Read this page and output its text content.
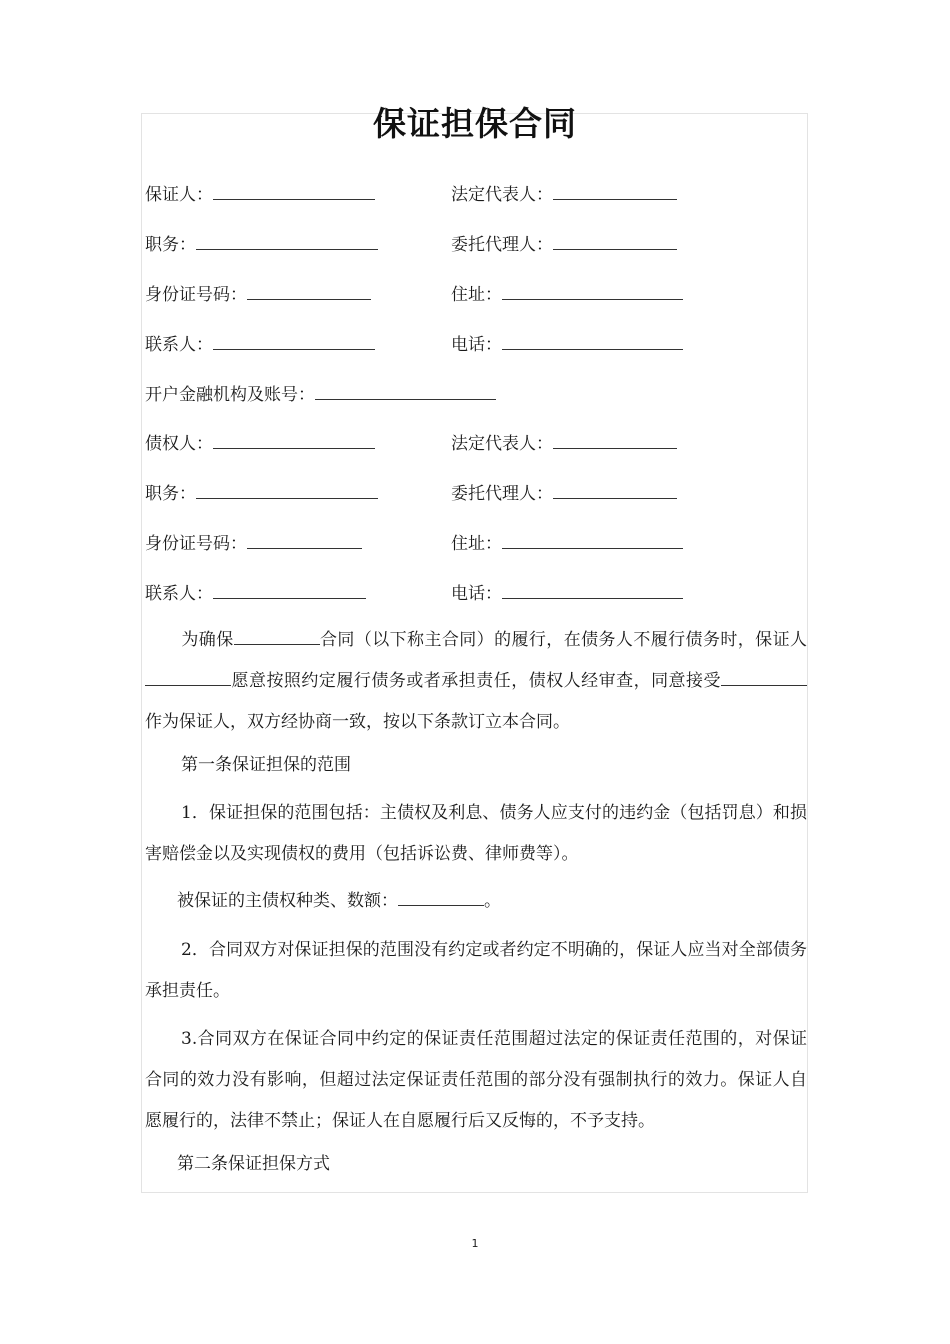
保证担保合同
保证人：	法定代表人：
职务：	委托代理人：
身份证号码：	住址：
联系人：	电话：
开户金融机构及账号：
债权人：	法定代表人：
职务：	委托代理人：
身份证号码：	住址：
联系人：	电话：
为确保	合同（以下称主合同）的履行，在债务人不履行债务时，保证人愿意按照约定履行债务或者承担责任，债权人经审查，同意接受作为保证人，双方经协商一致，按以下条款订立本合同。
第一条保证担保的范围
1．保证担保的范围包括：主债权及利息、债务人应支付的违约金（包括罚息）和损害赔偿金以及实现债权的费用（包括诉讼费、律师费等）。
被保证的主债权种类、数额：	。
2．合同双方对保证担保的范围没有约定或者约定不明确的，保证人应当对全部债务承担责任。
3.合同双方在保证合同中约定的保证责任范围超过法定的保证责任范围的，对保证合同的效力没有影响，但超过法定保证责任范围的部分没有强制执行的效力。保证人自愿履行的，法律不禁止；保证人在自愿履行后又反悔的，不予支持。
第二条保证担保方式
1
